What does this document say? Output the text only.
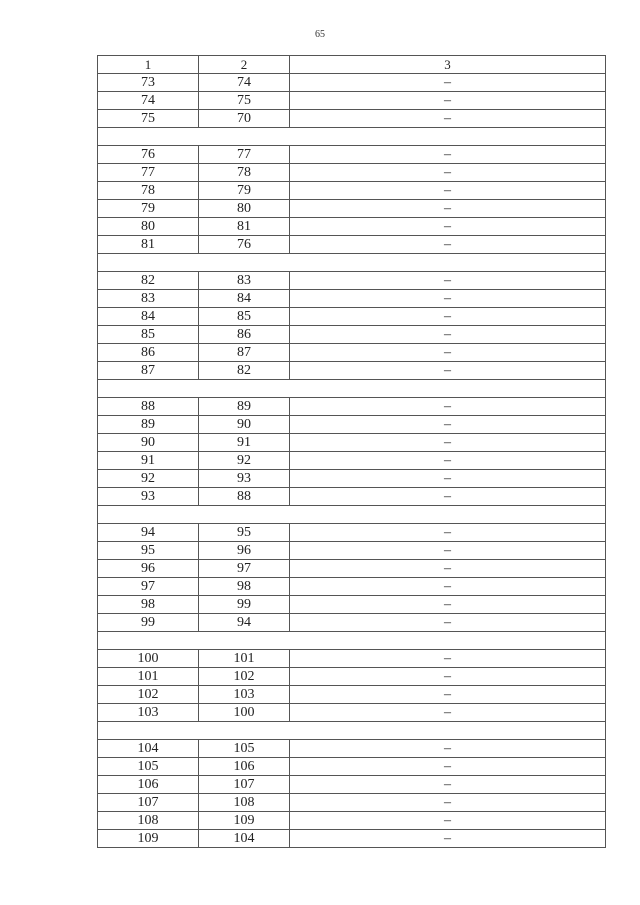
65
1	2	3
73	74	–
74	75	–
75	70	–

76	77	–
77	78	–
78	79	–
79	80	–
80	81	–
81	76	–

82	83	–
83	84	–
84	85	–
85	86	–
86	87	–
87	82	–

88	89	–
89	90	–
90	91	–
91	92	–
92	93	–
93	88	–

94	95	–
95	96	–
96	97	–
97	98	–
98	99	–
99	94	–

100	101	–
101	102	–
102	103	–
103	100	–

104	105	–
105	106	–
106	107	–
107	108	–
108	109	–
109	104	–
